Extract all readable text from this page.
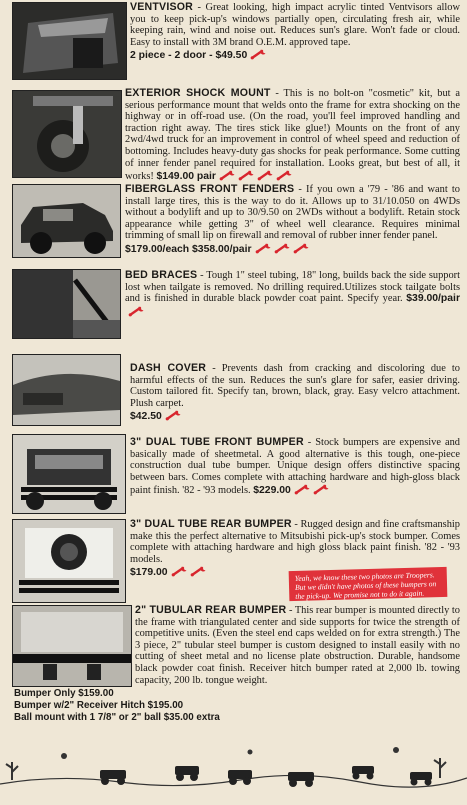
VENTVISOR - Great looking, high impact acrylic tinted Ventvisors allow you to keep pick-up's windows partially open, circulating fresh air, while keeping rain, wind and noise out. Reduces sun's glare. Won't fade or cloud. Easy to install with 3M brand O.E.M. approved tape.
2 piece - 2 door - $49.50
EXTERIOR SHOCK MOUNT - This is no bolt-on "cosmetic" kit, but a serious performance mount that welds onto the frame for extra shocking on the highway or in off-road use. (On the road, you'll feel improved handling and traction right away. The tires stick like glue!) Mounts on the front of any 2wd/4wd truck for an improvement in control of wheel speed and reduction of bottoming. Includes heavy-duty gas shocks for peak performance. Some cutting of inner fender panel required for installation. Looks great, but best of all, it works! $149.00 pair
FIBERGLASS FRONT FENDERS - If you own a '79 - '86 and want to install large tires, this is the way to do it. Allows up to 31/10.050 on 4WDs without a bodylift and up to 30/9.50 on 2WDs without a bodylift. Retain stock appearance while getting 3" of wheel well clearance. Requires minimal trimming of small lip on firewall and removal of rubber inner fender panel.
$179.00/each $358.00/pair
BED BRACES - Tough 1" steel tubing, 18" long, builds back the side support lost when tailgate is removed. No drilling required.Utilizes stock tailgate bolts and is finished in durable black powder coat paint. Specify year. $39.00/pair
DASH COVER - Prevents dash from cracking and discoloring due to harmful effects of the sun. Reduces the sun's glare for safer, easier driving. Custom tailored fit. Specify tan, brown, black, gray. Easy velcro attachment. Plush carpet.
$42.50
3" DUAL TUBE FRONT BUMPER - Stock bumpers are expensive and basically made of sheetmetal. A good alternative is this tough, one-piece construction dual tube bumper. Unique design offers distinctive spacing between bars. Comes complete with attaching hardware and high-gloss black paint finish. '82 - '93 models. $229.00
3" DUAL TUBE REAR BUMPER - Rugged design and fine craftsmanship make this the perfect alternative to Mitsubishi pick-up's stock bumper. Comes complete with attaching hardware and high gloss black paint finish. '82 - '93 models.
$179.00	Yeah, we know these two photos are Troopers. But we didn't have photos of these bumpers on the pick-up. We promise not to do it again.
2" TUBULAR REAR BUMPER - This rear bumper is mounted directly to the frame with triangulated center and side supports for twice the strength of competitive units. (Even the steel end caps welded on for extra strength.) The 3 piece, 2" tubular steel bumper is custom designed to install easily with no cutting of sheet metal and no license plate obstruction. Durable, handsome black powder coat finish. Receiver hitch bumper rated at 2,000 lb. towing capacity, 200 lb. tongue weight.
Bumper Only $159.00
Bumper w/2" Receiver Hitch $195.00
Ball mount with 1 7/8" or 2" ball $35.00 extra
